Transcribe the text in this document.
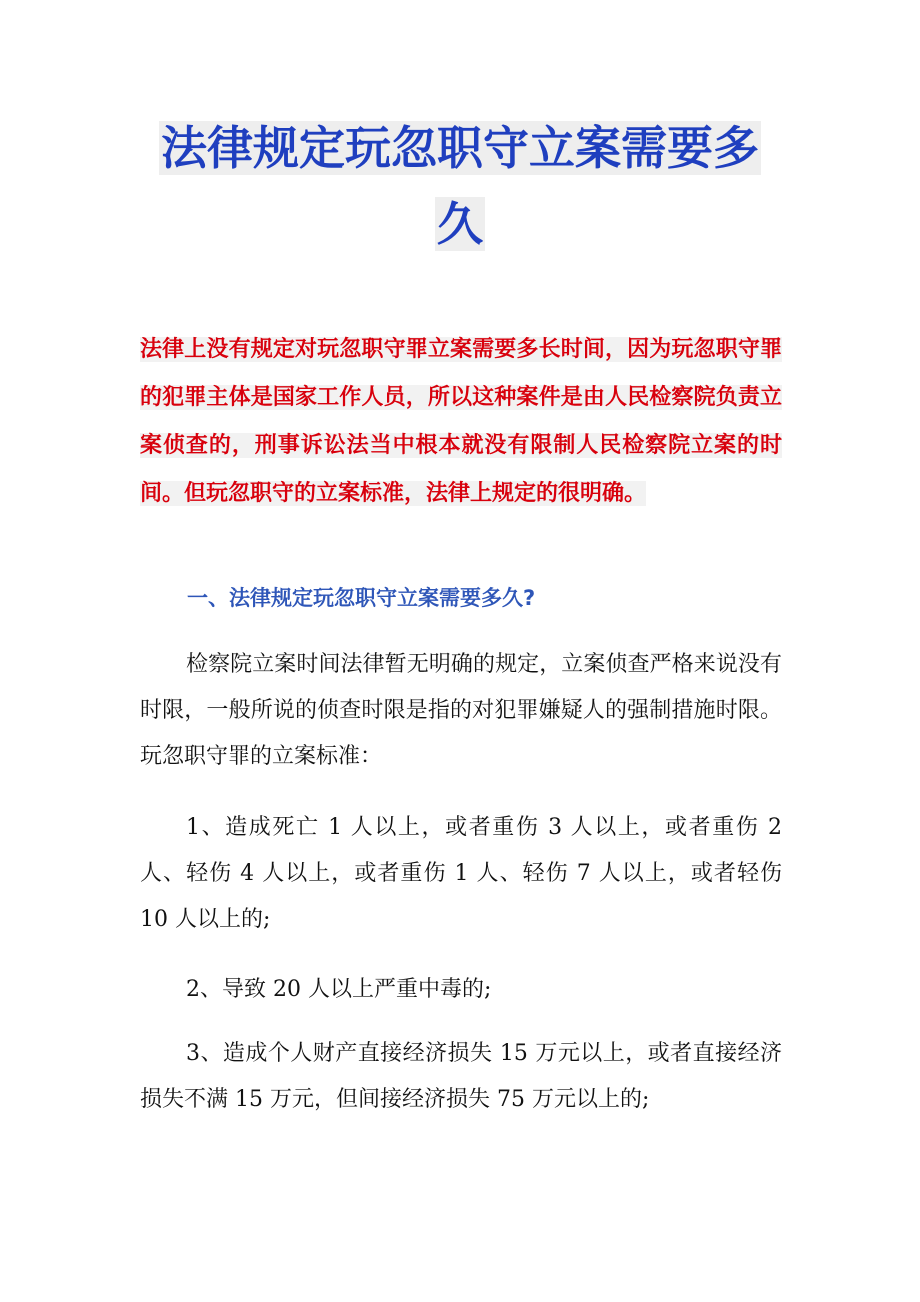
法律规定玩忽职守立案需要多久
法律上没有规定对玩忽职守罪立案需要多长时间，因为玩忽职守罪的犯罪主体是国家工作人员，所以这种案件是由人民检察院负责立案侦查的，刑事诉讼法当中根本就没有限制人民检察院立案的时间。但玩忽职守的立案标准，法律上规定的很明确。
一、法律规定玩忽职守立案需要多久?
检察院立案时间法律暂无明确的规定，立案侦查严格来说没有时限，一般所说的侦查时限是指的对犯罪嫌疑人的强制措施时限。玩忽职守罪的立案标准：
1、造成死亡 1 人以上，或者重伤 3 人以上，或者重伤 2 人、轻伤 4 人以上，或者重伤 1 人、轻伤 7 人以上，或者轻伤 10 人以上的;
2、导致 20 人以上严重中毒的;
3、造成个人财产直接经济损失 15 万元以上，或者直接经济损失不满 15 万元，但间接经济损失 75 万元以上的;
